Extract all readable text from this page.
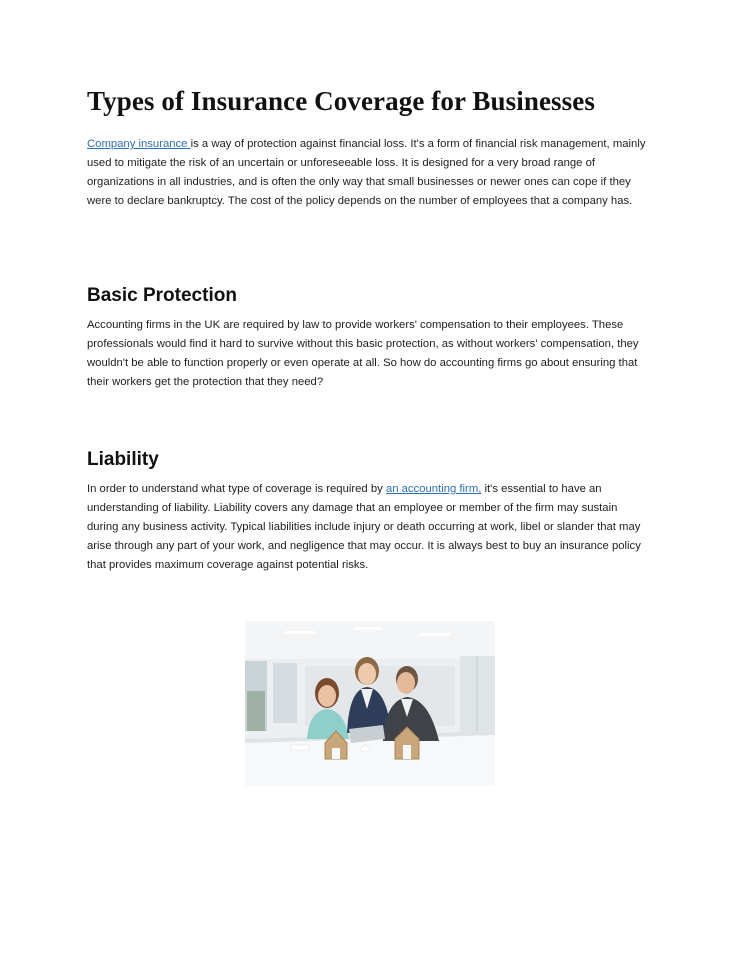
Types of Insurance Coverage for Businesses

Company insurance is a way of protection against financial loss. It's a form of financial risk management, mainly used to mitigate the risk of an uncertain or unforeseeable loss. It is designed for a very broad range of organizations in all industries, and is often the only way that small businesses or newer ones can cope if they were to declare bankruptcy. The cost of the policy depends on the number of employees that a company has.

Basic Protection

Accounting firms in the UK are required by law to provide workers' compensation to their employees. These professionals would find it hard to survive without this basic protection, as without workers' compensation, they wouldn't be able to function properly or even operate at all. So how do accounting firms go about ensuring that their workers get the protection that they need?

Liability

In order to understand what type of coverage is required by an accounting firm, it's essential to have an understanding of liability. Liability covers any damage that an employee or member of the firm may sustain during any business activity. Typical liabilities include injury or death occurring at work, libel or slander that may arise through any part of your work, and negligence that may occur. It is always best to buy an insurance policy that provides maximum coverage against potential risks.
